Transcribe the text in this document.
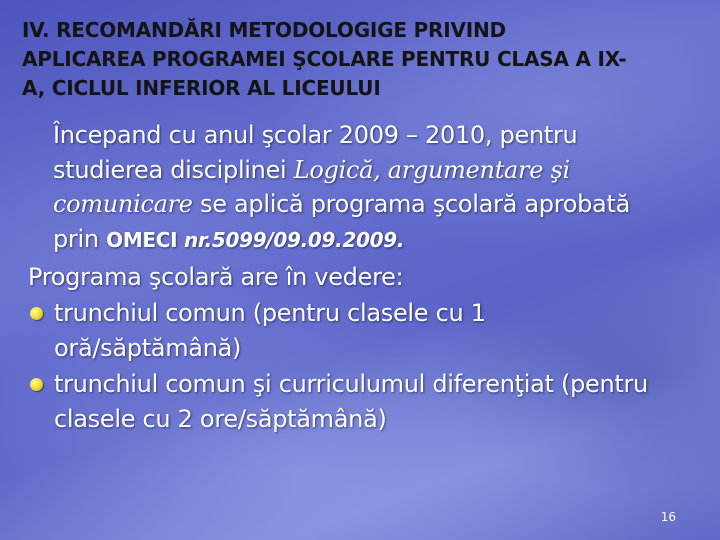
IV. RECOMANDĂRI METODOLOGIGE PRIVIND
APLICAREA PROGRAMEI ŞCOLARE PENTRU CLASA A IX-
A, CICLUL INFERIOR AL LICEULUI
Începand cu anul şcolar 2009 – 2010, pentru
studierea disciplinei Logică, argumentare şi
comunicare se aplică programa şcolară aprobată
prin OMECI nr.5099/09.09.2009.
Programa şcolară are în vedere:
trunchiul comun (pentru clasele cu 1
oră/săptămână)
trunchiul comun şi curriculumul diferenţiat (pentru
clasele cu 2 ore/săptămână)
16
